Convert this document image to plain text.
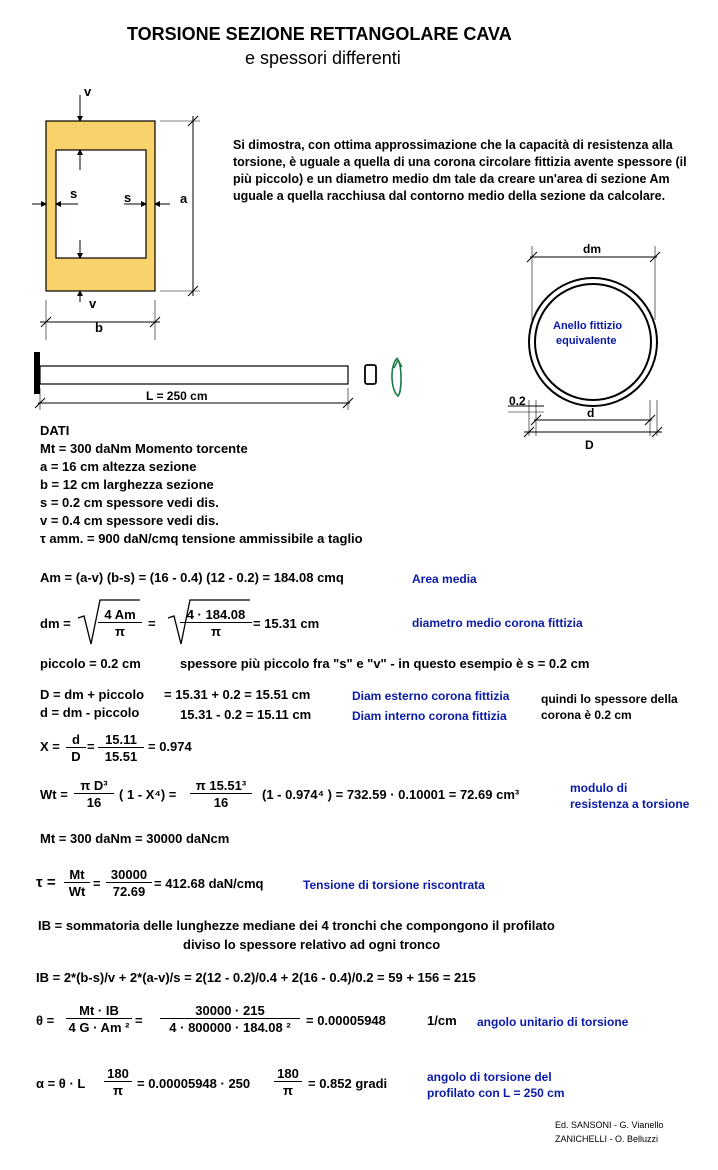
TORSIONE SEZIONE RETTANGOLARE CAVA
e spessori differenti
v
v
s	s	a
b
Si dimostra, con ottima approssimazione che la capacità di resistenza alla torsione, è uguale a quella di una corona circolare fittizia avente spessore (il più piccolo) e un diametro medio dm tale da creare un'area di sezione Am uguale a quella racchiusa dal contorno medio della sezione da calcolare.
dm
Anello fittizio
equivalente
0.2
d
D
L = 250 cm
DATI
Mt = 300 daNm Momento torcente
a = 16 cm altezza sezione
b = 12 cm larghezza sezione
s = 0.2 cm spessore vedi dis.
v = 0.4 cm spessore vedi dis.
τ amm. = 900 daN/cmq tensione ammissibile a taglio
Am = (a-v) (b-s) = (16 - 0.4) (12 - 0.2) = 184.08 cmq	Area media
dm = $\frac{4 Am}{\pi} = \frac{4 \cdot 184.08}{\pi} = 15.31$ cm	diametro medio corona fittizia
piccolo = 0.2 cm	spessore più piccolo fra "s" e "v" - in questo esempio è s = 0.2 cm
D = dm + piccolo = 15.31 + 0.2 = 15.51 cm	Diam esterno corona fittizia
d = dm - piccolo	15.31 - 0.2 = 15.11 cm	Diam interno corona fittizia
quindi lo spessore della
corona è 0.2 cm
$X = \frac{d}{D} = \frac{15.11}{15.51} = 0.974$
$Wt = \frac{\text{π D³}}{16}$ ( $1 - X^4) = \frac{\text{π 15.51³}}{16} (1 - 0.974^4$ ) = 732.59 · 0.10001 = 72.69 cm³	modulo di
resistenza a torsione
Mt = 300 daNm = 30000 daNcm
$\tau = \frac{Mt}{Wt} = \frac{30000}{72.69} = 412.68$ daN/cmq	Tensione di torsione riscontrata
IB = sommatoria delle lunghezze mediane dei 4 tronchi che compongono il profilato
diviso lo spessore relativo ad ogni tronco
IB = 2*(b-s)/v + 2*(a-v)/s = 2(12 - 0.2)/0.4 + 2(16 - 0.4)/0.2 = 59 + 156 = 215
$\theta = \frac{Mt \cdot IB}{\text{4 G · Am ²}} = \frac{30000 \cdot 215}{\text{4 · 800000 · 184.08 ²}} = 0.00005948$	1/cm angolo unitario di torsione
α = θ · L $\frac{180}{\pi} = 0.00005948 \cdot 250 \frac{180}{\pi} = 0.852$ gradi	angolo di torsione del
profilato con L = 250 cm
Ed. SANSONI - G. Vianello
ZANICHELLI - O. Belluzzi
